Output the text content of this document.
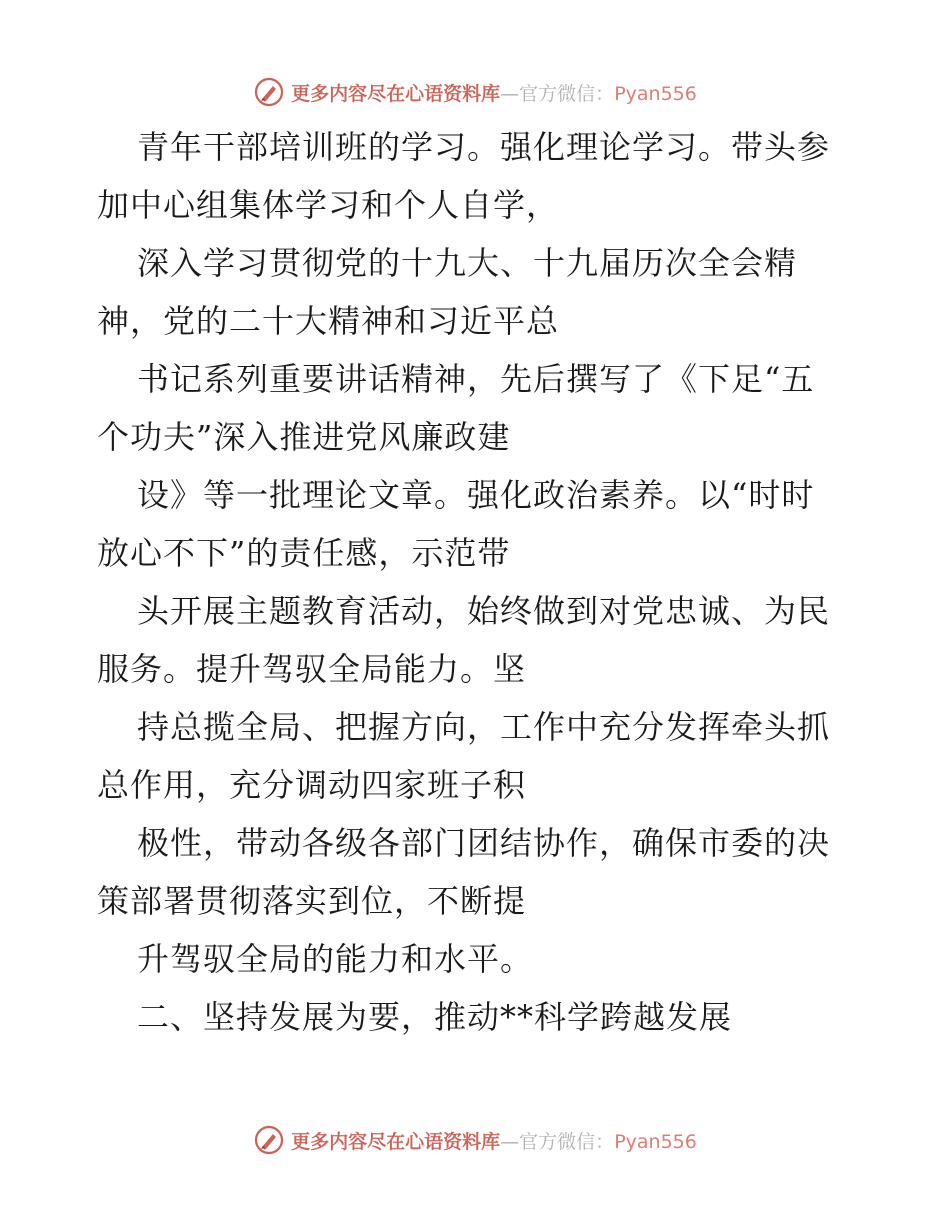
更多内容尽在心语资料库—官方微信：Pyan556
青年干部培训班的学习。强化理论学习。带头参
加中心组集体学习和个人自学，
深入学习贯彻党的十九大、十九届历次全会精
神，党的二十大精神和习近平总
书记系列重要讲话精神，先后撰写了《下足“五
个功夫”深入推进党风廉政建
设》等一批理论文章。强化政治素养。以“时时
放心不下”的责任感，示范带
头开展主题教育活动，始终做到对党忠诚、为民
服务。提升驾驭全局能力。坚
持总揽全局、把握方向，工作中充分发挥牵头抓
总作用，充分调动四家班子积
极性，带动各级各部门团结协作，确保市委的决
策部署贯彻落实到位，不断提
升驾驭全局的能力和水平。
二、坚持发展为要，推动**科学跨越发展
更多内容尽在心语资料库—官方微信：Pyan556
